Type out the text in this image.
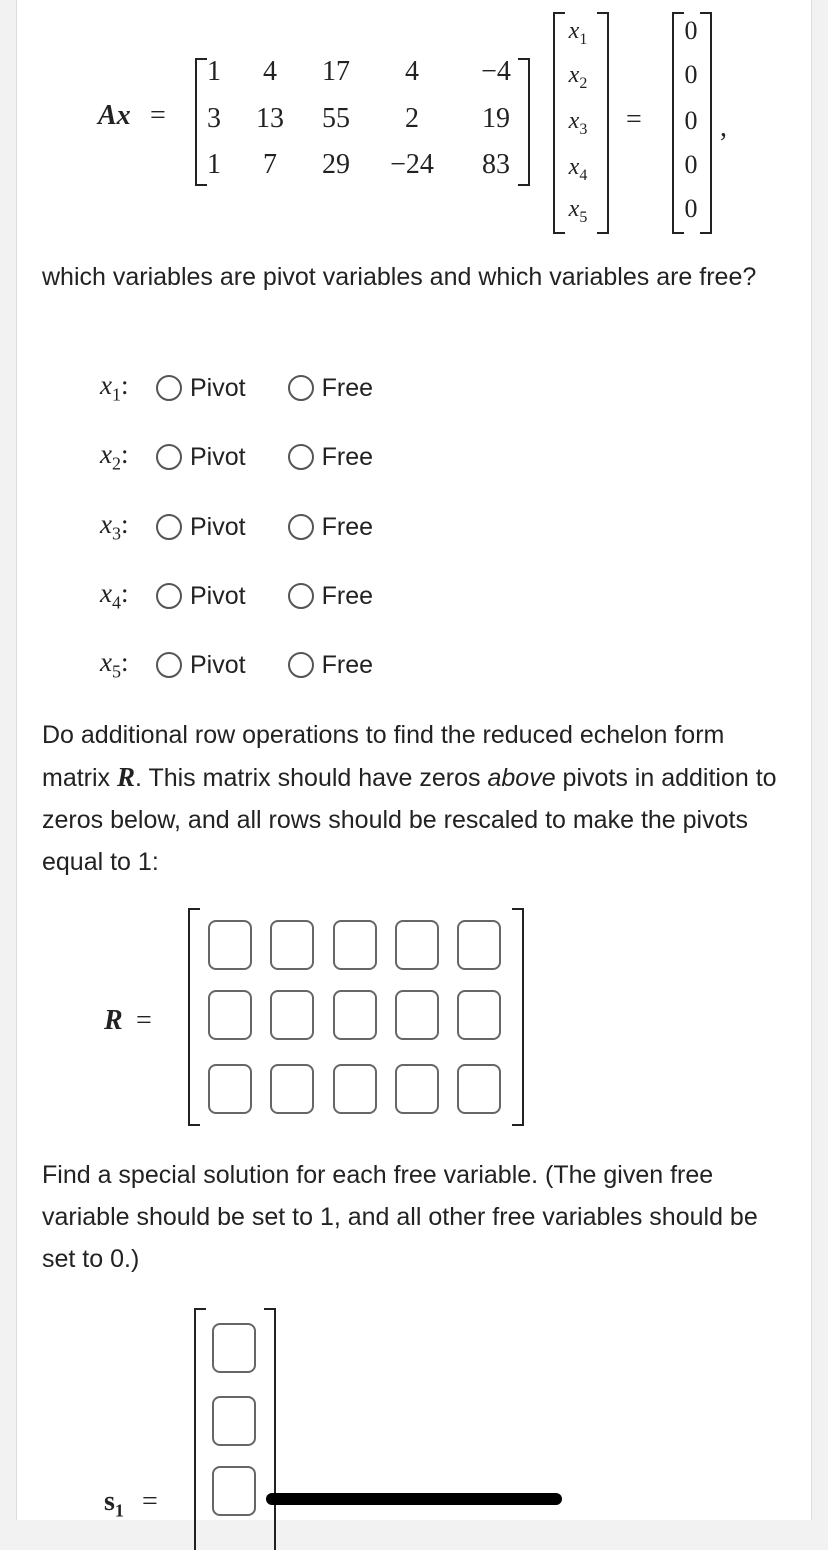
Ax =
1	4	17	4	−4
3	13	55	2	19
1	7	29	−24	83
$x_1$
$x_2$
$x_3$
$x_4$
$x_5$
=
0
0
0
0
0
,
which variables are pivot variables and which variables are free?
$x_1$:	Pivot	Free
$x_2$:	Pivot	Free
$x_3$:	Pivot	Free
$x_4$:	Pivot	Free
$x_5$:	Pivot	Free
Do additional row operations to find the reduced echelon form matrix R. This matrix should have zeros above pivots in addition to zeros below, and all rows should be rescaled to make the pivots equal to 1:
R =
Find a special solution for each free variable. (The given free variable should be set to 1, and all other free variables should be set to 0.)
$s_1$ =
